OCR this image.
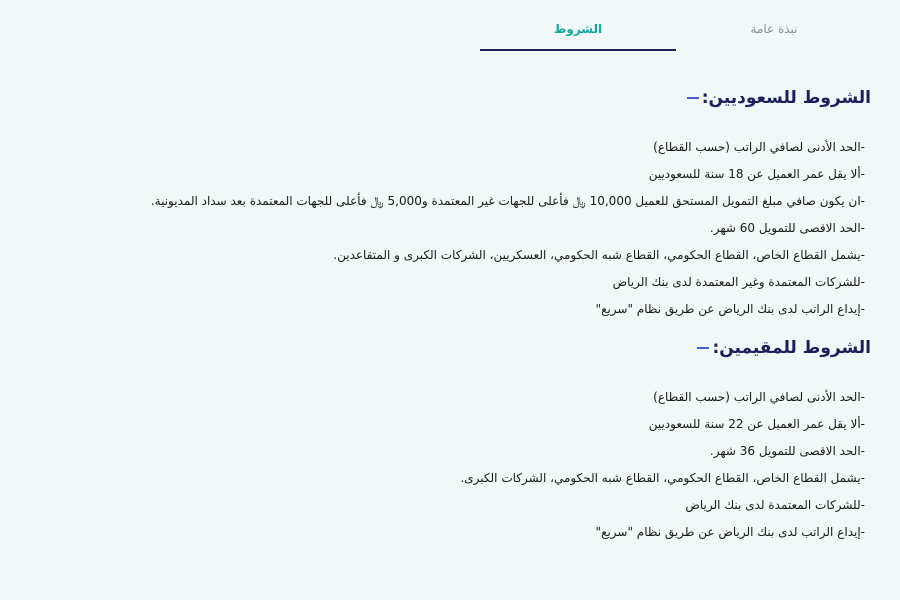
نبذة عامة
الشروط
الشروط للسعوديين:
-الحد الأدنى لصافي الراتب (حسب القطاع)
-ألا يقل عمر العميل عن 18 سنة للسعوديين
-ان يكون صافي مبلغ التمويل المستحق للعميل 10,000 ﷼ فأعلى للجهات غير المعتمدة و5,000 ﷼ فأعلى للجهات المعتمدة بعد سداد المديونية.
-الحد الاقصى للتمويل 60 شهر.
-يشمل القطاع الخاص، القطاع الحكومي، القطاع شبه الحكومي، العسكريين، الشركات الكبرى و المتقاعدين.
-للشركات المعتمدة وغير المعتمدة لدى بنك الرياض
-إيداع الراتب لدى بنك الرياض عن طريق نظام "سريع"
الشروط للمقيمين:
-الحد الأدنى لصافي الراتب (حسب القطاع)
-ألا يقل عمر العميل عن 22 سنة للسعوديين
-الحد الاقصى للتمويل 36 شهر.
-يشمل القطاع الخاص، القطاع الحكومي، القطاع شبه الحكومي، الشركات الكبرى.
-للشركات المعتمدة لدى بنك الرياض
-إيداع الراتب لدى بنك الرياض عن طريق نظام "سريع"
